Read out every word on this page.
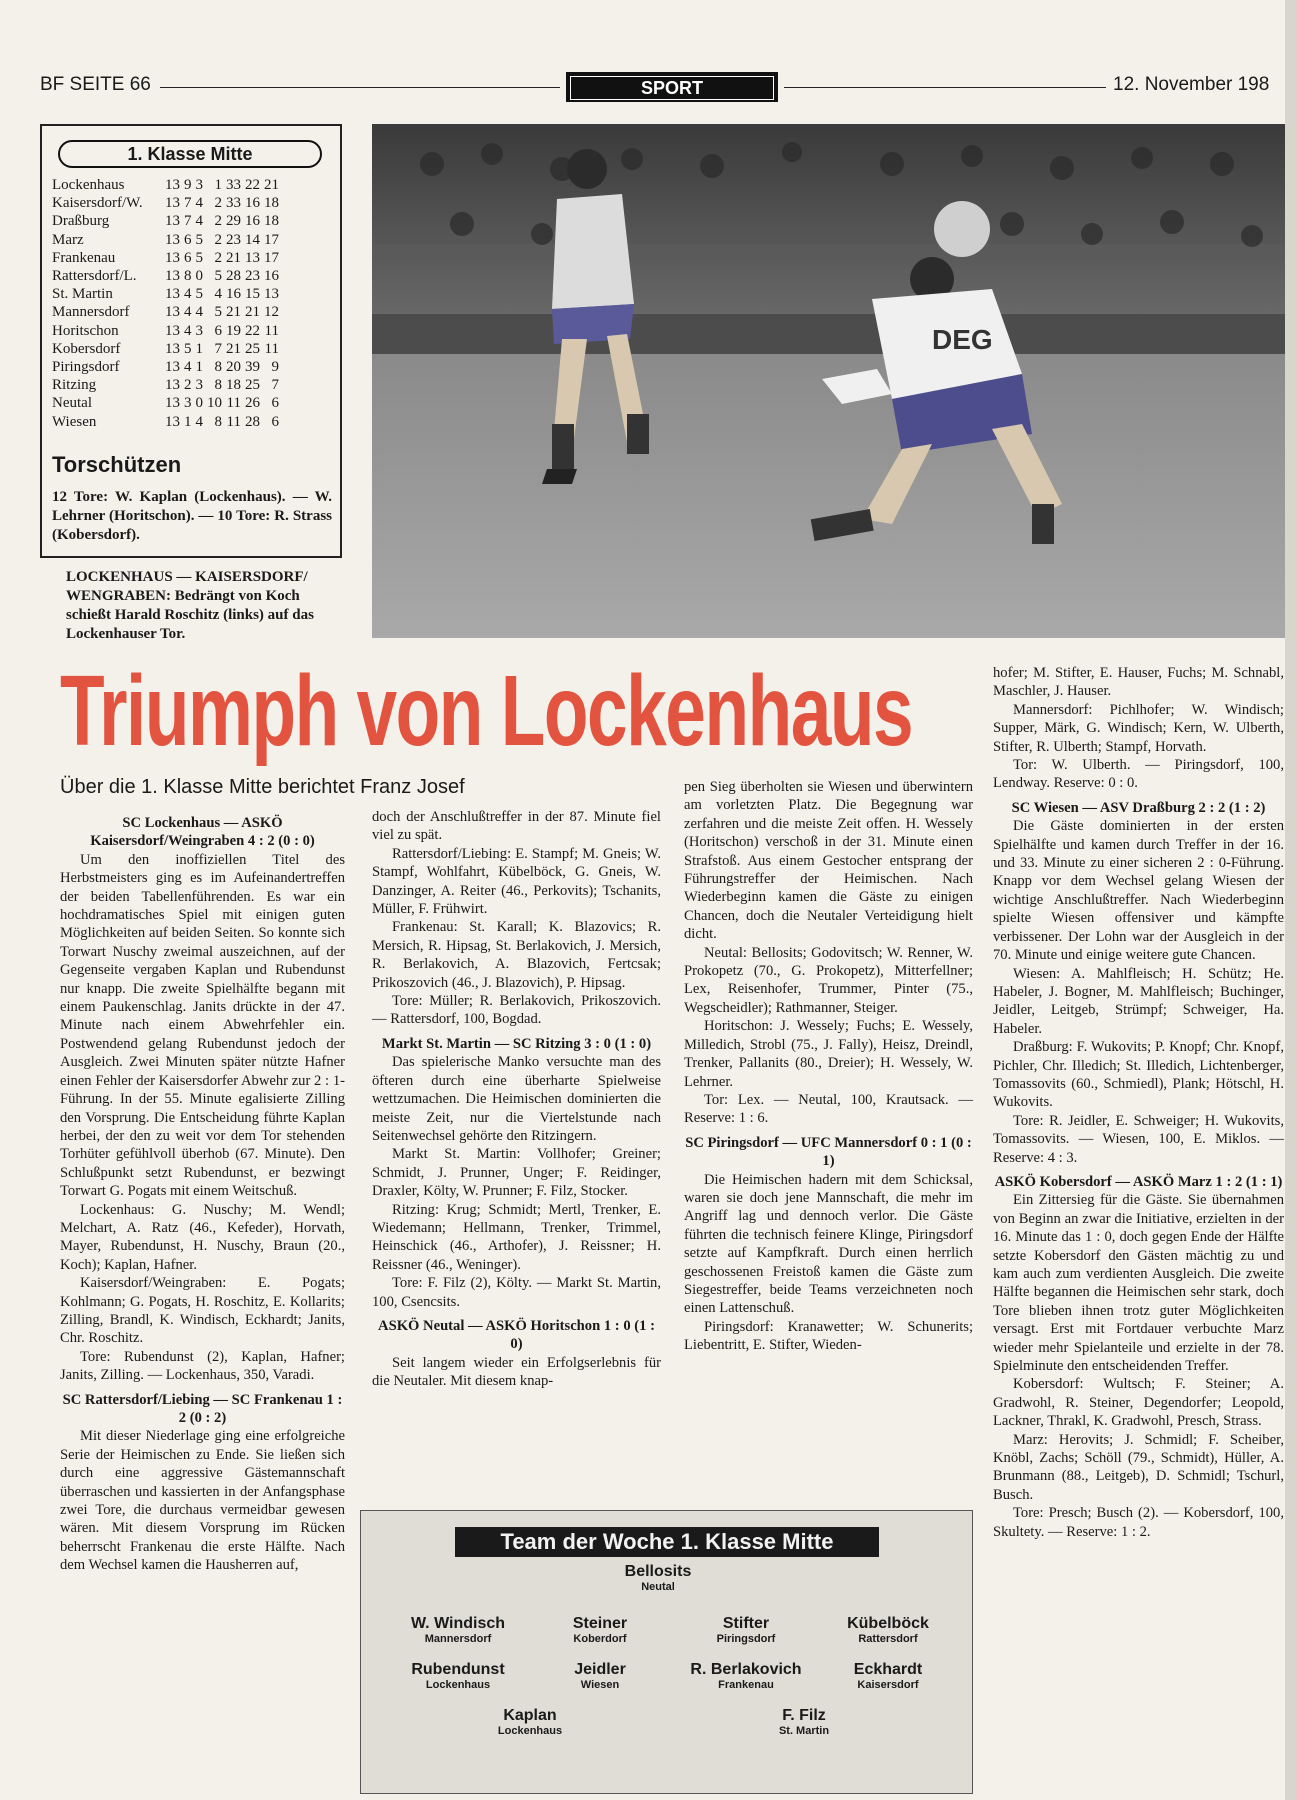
BF SEITE 66	SPORT	12. November 198
1. Klasse Mitte
Lockenhaus	13	9	3	1	33	22	21
Kaisersdorf/W.	13	7	4	2	33	16	18
Draßburg	13	7	4	2	29	16	18
Marz	13	6	5	2	23	14	17
Frankenau	13	6	5	2	21	13	17
Rattersdorf/L.	13	8	0	5	28	23	16
St. Martin	13	4	5	4	16	15	13
Mannersdorf	13	4	4	5	21	21	12
Horitschon	13	4	3	6	19	22	11
Kobersdorf	13	5	1	7	21	25	11
Piringsdorf	13	4	1	8	20	39	9
Ritzing	13	2	3	8	18	25	7
Neutal	13	3	0	10	11	26	6
Wiesen	13	1	4	8	11	28	6
Torschützen
12 Tore: W. Kaplan (Lockenhaus). — W. Lehrner (Horitschon). — 10 Tore: R. Strass (Kobersdorf).
DEG
LOCKENHAUS — KAISERSDORF/ WENGRABEN: Bedrängt von Koch schießt Harald Roschitz (links) auf das Lockenhauser Tor.
Triumph von Lockenhaus
Über die 1. Klasse Mitte berichtet Franz Josef

SC Lockenhaus — ASKÖ Kaisersdorf/Weingraben 4 : 2 (0 : 0)

Um den inoffiziellen Titel des Herbstmeisters ging es im Aufeinandertreffen der beiden Tabellenführenden. Es war ein hochdramatisches Spiel mit einigen guten Möglichkeiten auf beiden Seiten. So konnte sich Torwart Nuschy zweimal auszeichnen, auf der Gegenseite vergaben Kaplan und Rubendunst nur knapp. Die zweite Spielhälfte begann mit einem Paukenschlag. Janits drückte in der 47. Minute nach einem Abwehrfehler ein. Postwendend gelang Rubendunst jedoch der Ausgleich. Zwei Minuten später nützte Hafner einen Fehler der Kaisersdorfer Abwehr zur 2 : 1-Führung. In der 55. Minute egalisierte Zilling den Vorsprung. Die Entscheidung führte Kaplan herbei, der den zu weit vor dem Tor stehenden Torhüter gefühlvoll überhob (67. Minute). Den Schlußpunkt setzt Rubendunst, er bezwingt Torwart G. Pogats mit einem Weitschuß.

Lockenhaus: G. Nuschy; M. Wendl; Melchart, A. Ratz (46., Kefeder), Horvath, Mayer, Rubendunst, H. Nuschy, Braun (20., Koch); Kaplan, Hafner.

Kaisersdorf/Weingraben: E. Pogats; Kohlmann; G. Pogats, H. Roschitz, E. Kollarits; Zilling, Brandl, K. Windisch, Eckhardt; Janits, Chr. Roschitz.

Tore: Rubendunst (2), Kaplan, Hafner; Janits, Zilling. — Lockenhaus, 350, Varadi.

SC Rattersdorf/Liebing — SC Frankenau 1 : 2 (0 : 2)

Mit dieser Niederlage ging eine erfolgreiche Serie der Heimischen zu Ende. Sie ließen sich durch eine aggressive Gästemannschaft überraschen und kassierten in der Anfangsphase zwei Tore, die durchaus vermeidbar gewesen wären. Mit diesem Vorsprung im Rücken beherrscht Frankenau die erste Hälfte. Nach dem Wechsel kamen die Hausherren auf,

doch der Anschlußtreffer in der 87. Minute fiel viel zu spät.

Rattersdorf/Liebing: E. Stampf; M. Gneis; W. Stampf, Wohlfahrt, Kübelböck, G. Gneis, W. Danzinger, A. Reiter (46., Perkovits); Tschanits, Müller, F. Frühwirt.

Frankenau: St. Karall; K. Blazovics; R. Mersich, R. Hipsag, St. Berlakovich, J. Mersich, R. Berlakovich, A. Blazovich, Fertcsak; Prikoszovich (46., J. Blazovich), P. Hipsag.

Tore: Müller; R. Berlakovich, Prikoszovich. — Rattersdorf, 100, Bogdad.

Markt St. Martin — SC Ritzing 3 : 0 (1 : 0)

Das spielerische Manko versuchte man des öfteren durch eine überharte Spielweise wettzumachen. Die Heimischen dominierten die meiste Zeit, nur die Viertelstunde nach Seitenwechsel gehörte den Ritzingern.

Markt St. Martin: Vollhofer; Greiner; Schmidt, J. Prunner, Unger; F. Reidinger, Draxler, Költy, W. Prunner; F. Filz, Stocker.

Ritzing: Krug; Schmidt; Mertl, Trenker, E. Wiedemann; Hellmann, Trenker, Trimmel, Heinschick (46., Arthofer), J. Reissner; H. Reissner (46., Weninger).

Tore: F. Filz (2), Költy. — Markt St. Martin, 100, Csencsits.

ASKÖ Neutal — ASKÖ Horitschon 1 : 0 (1 : 0)

Seit langem wieder ein Erfolgserlebnis für die Neutaler. Mit diesem knap-

pen Sieg überholten sie Wiesen und überwintern am vorletzten Platz. Die Begegnung war zerfahren und die meiste Zeit offen. H. Wessely (Horitschon) verschoß in der 31. Minute einen Strafstoß. Aus einem Gestocher entsprang der Führungstreffer der Heimischen. Nach Wiederbeginn kamen die Gäste zu einigen Chancen, doch die Neutaler Verteidigung hielt dicht.

Neutal: Bellosits; Godovitsch; W. Renner, W. Prokopetz (70., G. Prokopetz), Mitterfellner; Lex, Reisenhofer, Trummer, Pinter (75., Wegscheidler); Rathmanner, Steiger.

Horitschon: J. Wessely; Fuchs; E. Wessely, Milledich, Strobl (75., J. Fally), Heisz, Dreindl, Trenker, Pallanits (80., Dreier); H. Wessely, W. Lehrner.

Tor: Lex. — Neutal, 100, Krautsack. — Reserve: 1 : 6.

SC Piringsdorf — UFC Mannersdorf 0 : 1 (0 : 1)

Die Heimischen hadern mit dem Schicksal, waren sie doch jene Mannschaft, die mehr im Angriff lag und dennoch verlor. Die Gäste führten die technisch feinere Klinge, Piringsdorf setzte auf Kampfkraft. Durch einen herrlich geschossenen Freistoß kamen die Gäste zum Siegestreffer, beide Teams verzeichneten noch einen Lattenschuß.

Piringsdorf: Kranawetter; W. Schunerits; Liebentritt, E. Stifter, Wieden-

hofer; M. Stifter, E. Hauser, Fuchs; M. Schnabl, Maschler, J. Hauser.

Mannersdorf: Pichlhofer; W. Windisch; Supper, Märk, G. Windisch; Kern, W. Ulberth, Stifter, R. Ulberth; Stampf, Horvath.

Tor: W. Ulberth. — Piringsdorf, 100, Lendway. Reserve: 0 : 0.

SC Wiesen — ASV Draßburg 2 : 2 (1 : 2)

Die Gäste dominierten in der ersten Spielhälfte und kamen durch Treffer in der 16. und 33. Minute zu einer sicheren 2 : 0-Führung. Knapp vor dem Wechsel gelang Wiesen der wichtige Anschlußtreffer. Nach Wiederbeginn spielte Wiesen offensiver und kämpfte verbissener. Der Lohn war der Ausgleich in der 70. Minute und einige weitere gute Chancen.

Wiesen: A. Mahlfleisch; H. Schütz; He. Habeler, J. Bogner, M. Mahlfleisch; Buchinger, Jeidler, Leitgeb, Strümpf; Schweiger, Ha. Habeler.

Draßburg: F. Wukovits; P. Knopf; Chr. Knopf, Pichler, Chr. Illedich; St. Illedich, Lichtenberger, Tomassovits (60., Schmiedl), Plank; Hötschl, H. Wukovits.

Tore: R. Jeidler, E. Schweiger; H. Wukovits, Tomassovits. — Wiesen, 100, E. Miklos. — Reserve: 4 : 3.

ASKÖ Kobersdorf — ASKÖ Marz 1 : 2 (1 : 1)

Ein Zittersieg für die Gäste. Sie übernahmen von Beginn an zwar die Initiative, erzielten in der 16. Minute das 1 : 0, doch gegen Ende der Hälfte setzte Kobersdorf den Gästen mächtig zu und kam auch zum verdienten Ausgleich. Die zweite Hälfte begannen die Heimischen sehr stark, doch Tore blieben ihnen trotz guter Möglichkeiten versagt. Erst mit Fortdauer verbuchte Marz wieder mehr Spielanteile und erzielte in der 78. Spielminute den entscheidenden Treffer.

Kobersdorf: Wultsch; F. Steiner; A. Gradwohl, R. Steiner, Degendorfer; Leopold, Lackner, Thrakl, K. Gradwohl, Presch, Strass.

Marz: Herovits; J. Schmidl; F. Scheiber, Knöbl, Zachs; Schöll (79., Schmidt), Hüller, A. Brunmann (88., Leitgeb), D. Schmidl; Tschurl, Busch.

Tore: Presch; Busch (2). — Kobersdorf, 100, Skultety. — Reserve: 1 : 2.

Team der Woche 1. Klasse Mitte
Bellosits
Neutal
W. Windisch
Mannersdorf
Steiner
Koberdorf
Stifter
Piringsdorf
Kübelböck
Rattersdorf
Rubendunst
Lockenhaus
Jeidler
Wiesen
R. Berlakovich
Frankenau
Eckhardt
Kaisersdorf
Kaplan
Lockenhaus
F. Filz
St. Martin
